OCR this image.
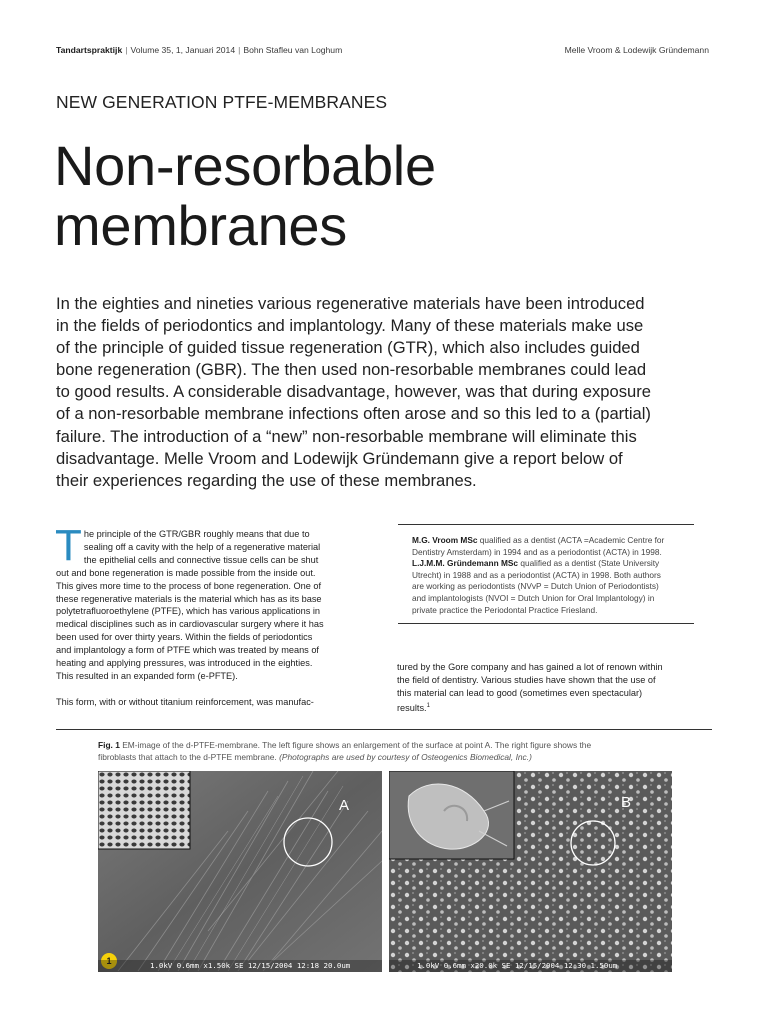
Tandartspraktijk | Volume 35, 1, Januari 2014 | Bohn Stafleu van Loghum	Melle Vroom & Lodewijk Gründemann
NEW GENERATION PTFE-MEMBRANES
Non-resorbable
membranes
In the eighties and nineties various regenerative materials have been introduced
in the fields of periodontics and implantology. Many of these materials make use
of the principle of guided tissue regeneration (GTR), which also includes guided
bone regeneration (GBR). The then used non-resorbable membranes could lead
to good results. A considerable disadvantage, however, was that during exposure
of a non-resorbable membrane infections often arose and so this led to a (partial)
failure. The introduction of a “new” non-resorbable membrane will eliminate this
disadvantage. Melle Vroom and Lodewijk Gründemann give a report below of
their experiences regarding the use of these membranes.
T he principle of the GTR/GBR roughly means that due to
sealing off a cavity with the help of a regenerative material
the epithelial cells and connective tissue cells can be shut
out and bone regeneration is made possible from the inside out.
This gives more time to the process of bone regeneration. One of
these regenerative materials is the material which has as its base
polytetrafluoroethylene (PTFE), which has various applications in
medical disciplines such as in cardiovascular surgery where it has
been used for over thirty years. Within the fields of periodontics
and implantology a form of PTFE which was treated by means of
heating and applying pressures, was introduced in the eighties.
This resulted in an expanded form (e-PFTE).
This form, with or without titanium reinforcement, was manufac-
M.G. Vroom MSc qualified as a dentist (ACTA =Academic Centre for
Dentistry Amsterdam) in 1994 and as a periodontist (ACTA) in 1998.
L.J.M.M. Gründemann MSc qualified as a dentist (State University
Utrecht) in 1988 and as a periodontist (ACTA) in 1998. Both authors
are working as periodontists (NVvP = Dutch Union of Periodontists)
and implantologists (NVOI = Dutch Union for Oral Implantology) in
private practice the Periodontal Practice Friesland.
tured by the Gore company and has gained a lot of renown within
the field of dentistry. Various studies have shown that the use of
this material can lead to good (sometimes even spectacular)
results.$^1$
Fig. 1 EM-image of the d-PTFE-membrane. The left figure shows an enlargement of the surface at point A. The right figure shows the
fibroblasts that attach to the d-PTFE membrane. (Photographs are used by courtesy of Osteogenics Biomedical, Inc.)
A
1	1.0kV 0.6mm x1.50k SE 12/15/2004 12:18 20.0um
B
1.0kV 0.6mm x20.0k SE 12/15/2004 12:30 1.50um
